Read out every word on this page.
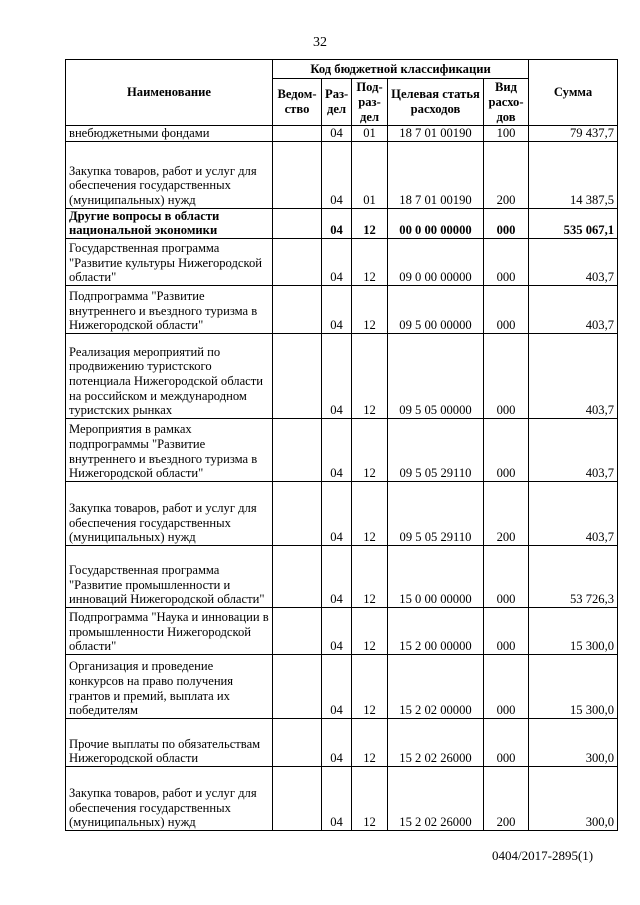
32
Наименование	Код бюджетной классификации					Сумма
	Ведом-ство	Раз-дел	Под-раз-дел	Целевая статья расходов	Вид расхо-дов	
внебюджетными фондами		04	01	18 7 01 00190	100	79 437,7
Закупка товаров, работ и услуг для обеспечения государственных (муниципальных) нужд		04	01	18 7 01 00190	200	14 387,5
Другие вопросы в области национальной экономики		04	12	00 0 00 00000	000	535 067,1
Государственная программа "Развитие культуры Нижегородской области"		04	12	09 0 00 00000	000	403,7
Подпрограмма "Развитие внутреннего и въездного туризма в Нижегородской области"		04	12	09 5 00 00000	000	403,7
Реализация мероприятий по продвижению туристского потенциала Нижегородской области на российском и международном туристских рынках		04	12	09 5 05 00000	000	403,7
Мероприятия в рамках подпрограммы "Развитие внутреннего и въездного туризма в Нижегородской области"		04	12	09 5 05 29110	000	403,7
Закупка товаров, работ и услуг для обеспечения государственных (муниципальных) нужд		04	12	09 5 05 29110	200	403,7
Государственная программа "Развитие промышленности и инноваций Нижегородской области"		04	12	15 0 00 00000	000	53 726,3
Подпрограмма "Наука и инновации в промышленности Нижегородской области"		04	12	15 2 00 00000	000	15 300,0
Организация и проведение конкурсов на право получения грантов и премий, выплата их победителям		04	12	15 2 02 00000	000	15 300,0
Прочие выплаты по обязательствам Нижегородской области		04	12	15 2 02 26000	000	300,0
Закупка товаров, работ и услуг для обеспечения государственных (муниципальных) нужд		04	12	15 2 02 26000	200	300,0
0404/2017-2895(1)
